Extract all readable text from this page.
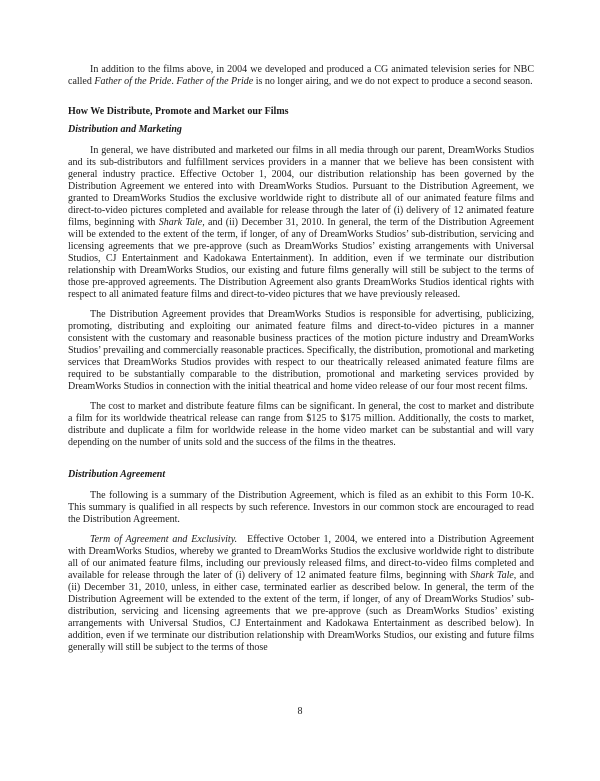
In addition to the films above, in 2004 we developed and produced a CG animated television series for NBC called Father of the Pride. Father of the Pride is no longer airing, and we do not expect to produce a second season.

How We Distribute, Promote and Market our Films
Distribution and Marketing

In general, we have distributed and marketed our films in all media through our parent, DreamWorks Studios and its sub-distributors and fulfillment services providers in a manner that we believe has been consistent with general industry practice. Effective October 1, 2004, our distribution relationship has been governed by the Distribution Agreement we entered into with DreamWorks Studios. Pursuant to the Distribution Agreement, we granted to DreamWorks Studios the exclusive worldwide right to distribute all of our animated feature films and direct-to-video pictures completed and available for release through the later of (i) delivery of 12 animated feature films, beginning with Shark Tale, and (ii) December 31, 2010. In general, the term of the Distribution Agreement will be extended to the extent of the term, if longer, of any of DreamWorks Studios’ sub-distribution, servicing and licensing agreements that we pre-approve (such as DreamWorks Studios’ existing arrangements with Universal Studios, CJ Entertainment and Kadokawa Entertainment). In addition, even if we terminate our distribution relationship with DreamWorks Studios, our existing and future films generally will still be subject to the terms of those pre-approved agreements. The Distribution Agreement also grants DreamWorks Studios identical rights with respect to all animated feature films and direct-to-video pictures that we have previously released.

The Distribution Agreement provides that DreamWorks Studios is responsible for advertising, publicizing, promoting, distributing and exploiting our animated feature films and direct-to-video pictures in a manner consistent with the customary and reasonable business practices of the motion picture industry and DreamWorks Studios’ prevailing and commercially reasonable practices. Specifically, the distribution, promotional and marketing services that DreamWorks Studios provides with respect to our theatrically released animated feature films are required to be substantially comparable to the distribution, promotional and marketing services provided by DreamWorks Studios in connection with the initial theatrical and home video release of our four most recent films.

The cost to market and distribute feature films can be significant. In general, the cost to market and distribute a film for its worldwide theatrical release can range from $125 to $175 million. Additionally, the costs to market, distribute and duplicate a film for worldwide release in the home video market can be substantial and will vary depending on the number of units sold and the success of the films in the theatres.

Distribution Agreement

The following is a summary of the Distribution Agreement, which is filed as an exhibit to this Form 10-K. This summary is qualified in all respects by such reference. Investors in our common stock are encouraged to read the Distribution Agreement.

Term of Agreement and Exclusivity. Effective October 1, 2004, we entered into a Distribution Agreement with DreamWorks Studios, whereby we granted to DreamWorks Studios the exclusive worldwide right to distribute all of our animated feature films, including our previously released films, and direct-to-video films completed and available for release through the later of (i) delivery of 12 animated feature films, beginning with Shark Tale, and (ii) December 31, 2010, unless, in either case, terminated earlier as described below. In general, the term of the Distribution Agreement will be extended to the extent of the term, if longer, of any of DreamWorks Studios’ sub-distribution, servicing and licensing agreements that we pre-approve (such as DreamWorks Studios’ existing arrangements with Universal Studios, CJ Entertainment and Kadokawa Entertainment as described below). In addition, even if we terminate our distribution relationship with DreamWorks Studios, our existing and future films generally will still be subject to the terms of those

8
